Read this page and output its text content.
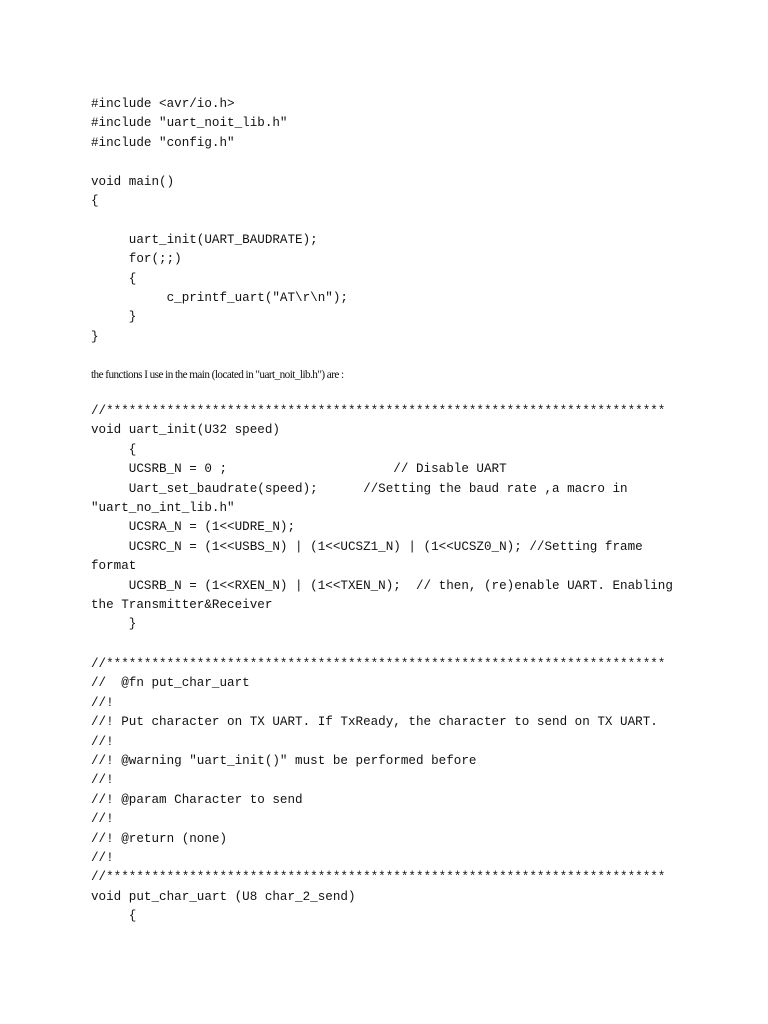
#include <avr/io.h>
#include "uart_noit_lib.h"
#include "config.h"
void main()
{
uart_init(UART_BAUDRATE);
for(;;)
{
c_printf_uart("AT\r\n");
}
}

the functions I use in the main (located in "uart_noit_lib.h") are :

//**************************************************************************
void uart_init(U32 speed)
{
UCSRB_N = 0 ;                      // Disable UART
Uart_set_baudrate(speed);      //Setting the baud rate ,a macro in
"uart_no_int_lib.h"
UCSRA_N = (1<<UDRE_N);
UCSRC_N = (1<<USBS_N) | (1<<UCSZ1_N) | (1<<UCSZ0_N); //Setting frame
format
UCSRB_N = (1<<RXEN_N) | (1<<TXEN_N);  // then, (re)enable UART. Enabling
the Transmitter&Receiver
}
//**************************************************************************
//  @fn put_char_uart
//!
//! Put character on TX UART. If TxReady, the character to send on TX UART.
//!
//! @warning "uart_init()" must be performed before
//!
//! @param Character to send
//!
//! @return (none)
//!
//**************************************************************************
void put_char_uart (U8 char_2_send)
{
